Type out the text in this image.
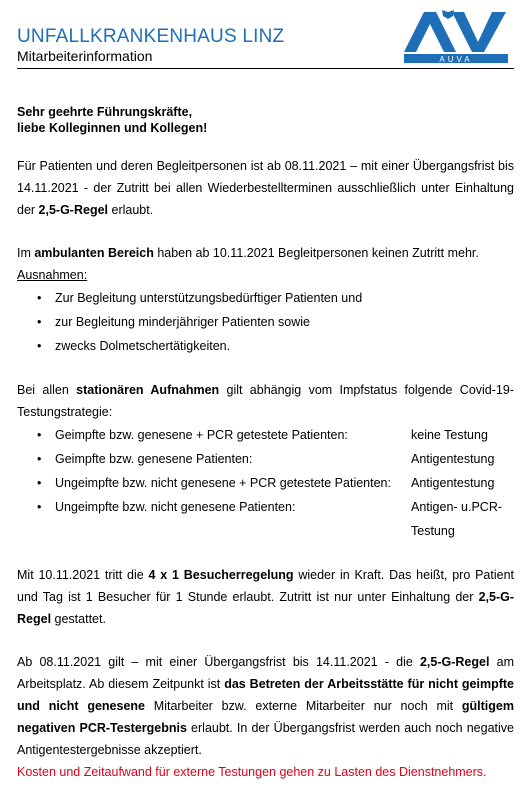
UNFALLKRANKENHAUS LINZ
Mitarbeiterinformation	AUVA
Sehr geehrte Führungskräfte,
liebe Kolleginnen und Kollegen!

Für Patienten und deren Begleitpersonen ist ab 08.11.2021 – mit einer Übergangsfrist bis 14.11.2021 - der Zutritt bei allen Wiederbestellterminen ausschließlich unter Einhaltung der 2,5-G-Regel erlaubt.

Im ambulanten Bereich haben ab 10.11.2021 Begleitpersonen keinen Zutritt mehr.

Ausnahmen:
• Zur Begleitung unterstützungsbedürftiger Patienten und
• zur Begleitung minderjähriger Patienten sowie
• zwecks Dolmetschertätigkeiten.

Bei allen stationären Aufnahmen gilt abhängig vom Impfstatus folgende Covid-19-Testungstrategie:

• Geimpfte bzw. genesene + PCR getestete Patienten:	keine Testung
• Geimpfte bzw. genesene Patienten:	Antigentestung
• Ungeimpfte bzw. nicht genesene + PCR getestete Patienten:	Antigentestung
• Ungeimpfte bzw. nicht genesene Patienten:	Antigen- u.PCR-Testung

Mit 10.11.2021 tritt die 4 x 1 Besucherregelung wieder in Kraft. Das heißt, pro Patient und Tag ist 1 Besucher für 1 Stunde erlaubt. Zutritt ist nur unter Einhaltung der 2,5-G-Regel gestattet.

Ab 08.11.2021 gilt – mit einer Übergangsfrist bis 14.11.2021 - die 2,5-G-Regel am Arbeitsplatz. Ab diesem Zeitpunkt ist das Betreten der Arbeitsstätte für nicht geimpfte und nicht genesene Mitarbeiter bzw. externe Mitarbeiter nur noch mit gültigem negativen PCR-Testergebnis erlaubt. In der Übergangsfrist werden auch noch negative Antigentestergebnisse akzeptiert.

Kosten und Zeitaufwand für externe Testungen gehen zu Lasten des Dienstnehmers.
